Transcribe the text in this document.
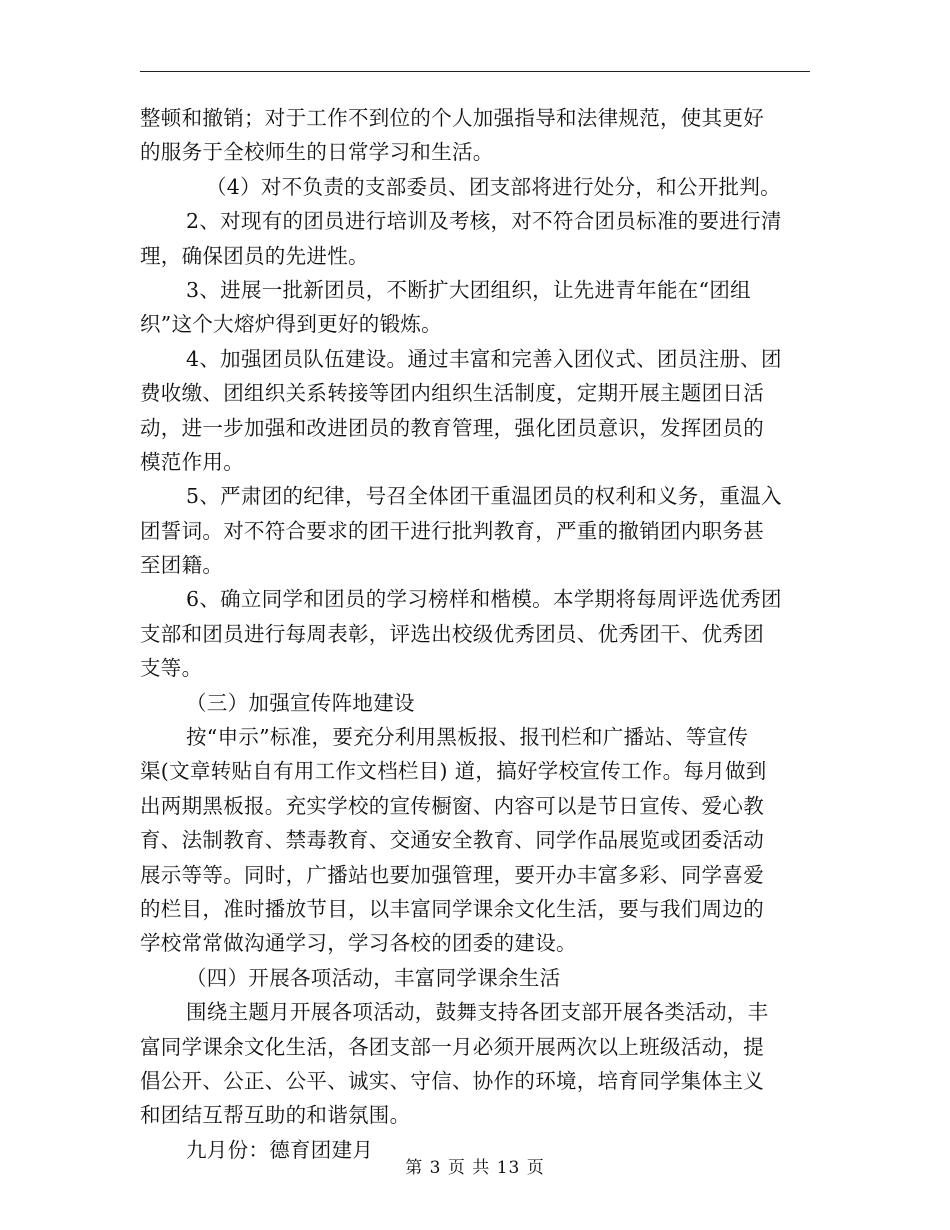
整顿和撤销；对于工作不到位的个人加强指导和法律规范，使其更好
的服务于全校师生的日常学习和生活。
（4）对不负责的支部委员、团支部将进行处分，和公开批判。
2、对现有的团员进行培训及考核，对不符合团员标准的要进行清
理，确保团员的先进性。
3、进展一批新团员，不断扩大团组织，让先进青年能在“团组
织”这个大熔炉得到更好的锻炼。
4、加强团员队伍建设。通过丰富和完善入团仪式、团员注册、团
费收缴、团组织关系转接等团内组织生活制度，定期开展主题团日活
动，进一步加强和改进团员的教育管理，强化团员意识，发挥团员的
模范作用。
5、严肃团的纪律，号召全体团干重温团员的权利和义务，重温入
团誓词。对不符合要求的团干进行批判教育，严重的撤销团内职务甚
至团籍。
6、确立同学和团员的学习榜样和楷模。本学期将每周评选优秀团
支部和团员进行每周表彰，评选出校级优秀团员、优秀团干、优秀团
支等。
（三）加强宣传阵地建设
按“申示”标准，要充分利用黑板报、报刊栏和广播站、等宣传
渠(文章转贴自有用工作文档栏目) 道，搞好学校宣传工作。每月做到
出两期黑板报。充实学校的宣传橱窗、内容可以是节日宣传、爱心教
育、法制教育、禁毒教育、交通安全教育、同学作品展览或团委活动
展示等等。同时，广播站也要加强管理，要开办丰富多彩、同学喜爱
的栏目，准时播放节目，以丰富同学课余文化生活，要与我们周边的
学校常常做沟通学习，学习各校的团委的建设。
（四）开展各项活动，丰富同学课余生活
围绕主题月开展各项活动，鼓舞支持各团支部开展各类活动，丰
富同学课余文化生活，各团支部一月必须开展两次以上班级活动，提
倡公开、公正、公平、诚实、守信、协作的环境，培育同学集体主义
和团结互帮互助的和谐氛围。
九月份：德育团建月
第 3 页 共 13 页
